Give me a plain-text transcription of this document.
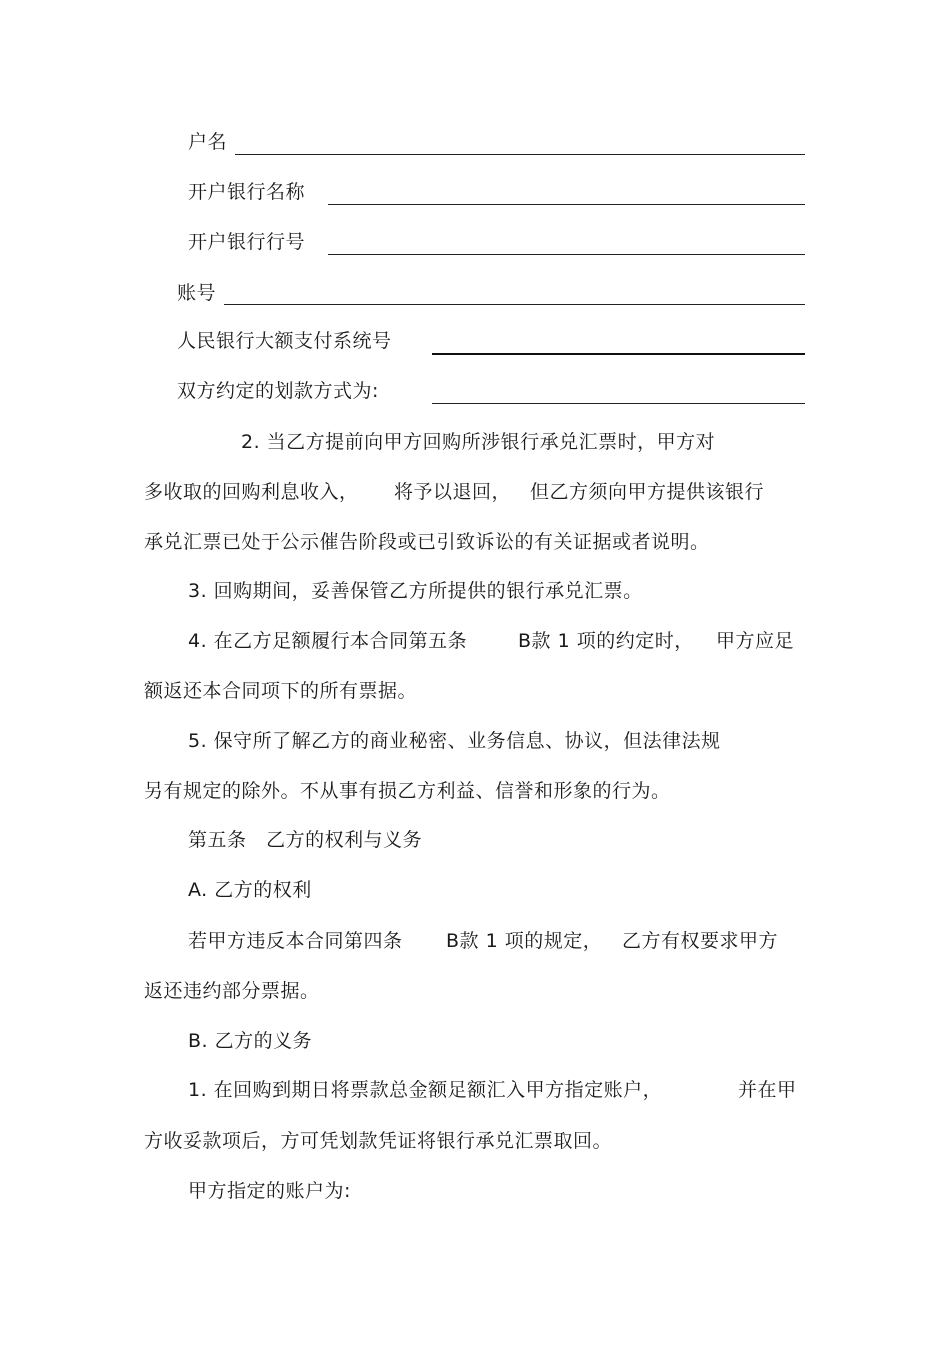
户名
开户银行名称
开户银行行号
账号
人民银行大额支付系统号
双方约定的划款方式为:
2. 当乙方提前向甲方回购所涉银行承兑汇票时，甲方对
多收取的回购利息收入， 将予以退回， 但乙方须向甲方提供该银行
承兑汇票已处于公示催告阶段或已引致诉讼的有关证据或者说明。
3. 回购期间，妥善保管乙方所提供的银行承兑汇票。
4. 在乙方足额履行本合同第五条	B款 1 项的约定时， 甲方应足
额返还本合同项下的所有票据。
5. 保守所了解乙方的商业秘密、业务信息、协议，但法律法规
另有规定的除外。不从事有损乙方利益、信誉和形象的行为。
第五条   乙方的权利与义务
A. 乙方的权利
若甲方违反本合同第四条 B款 1 项的规定， 乙方有权要求甲方
返还违约部分票据。
B. 乙方的义务
1. 在回购到期日将票款总金额足额汇入甲方指定账户，	并在甲
方收妥款项后，方可凭划款凭证将银行承兑汇票取回。
甲方指定的账户为:
